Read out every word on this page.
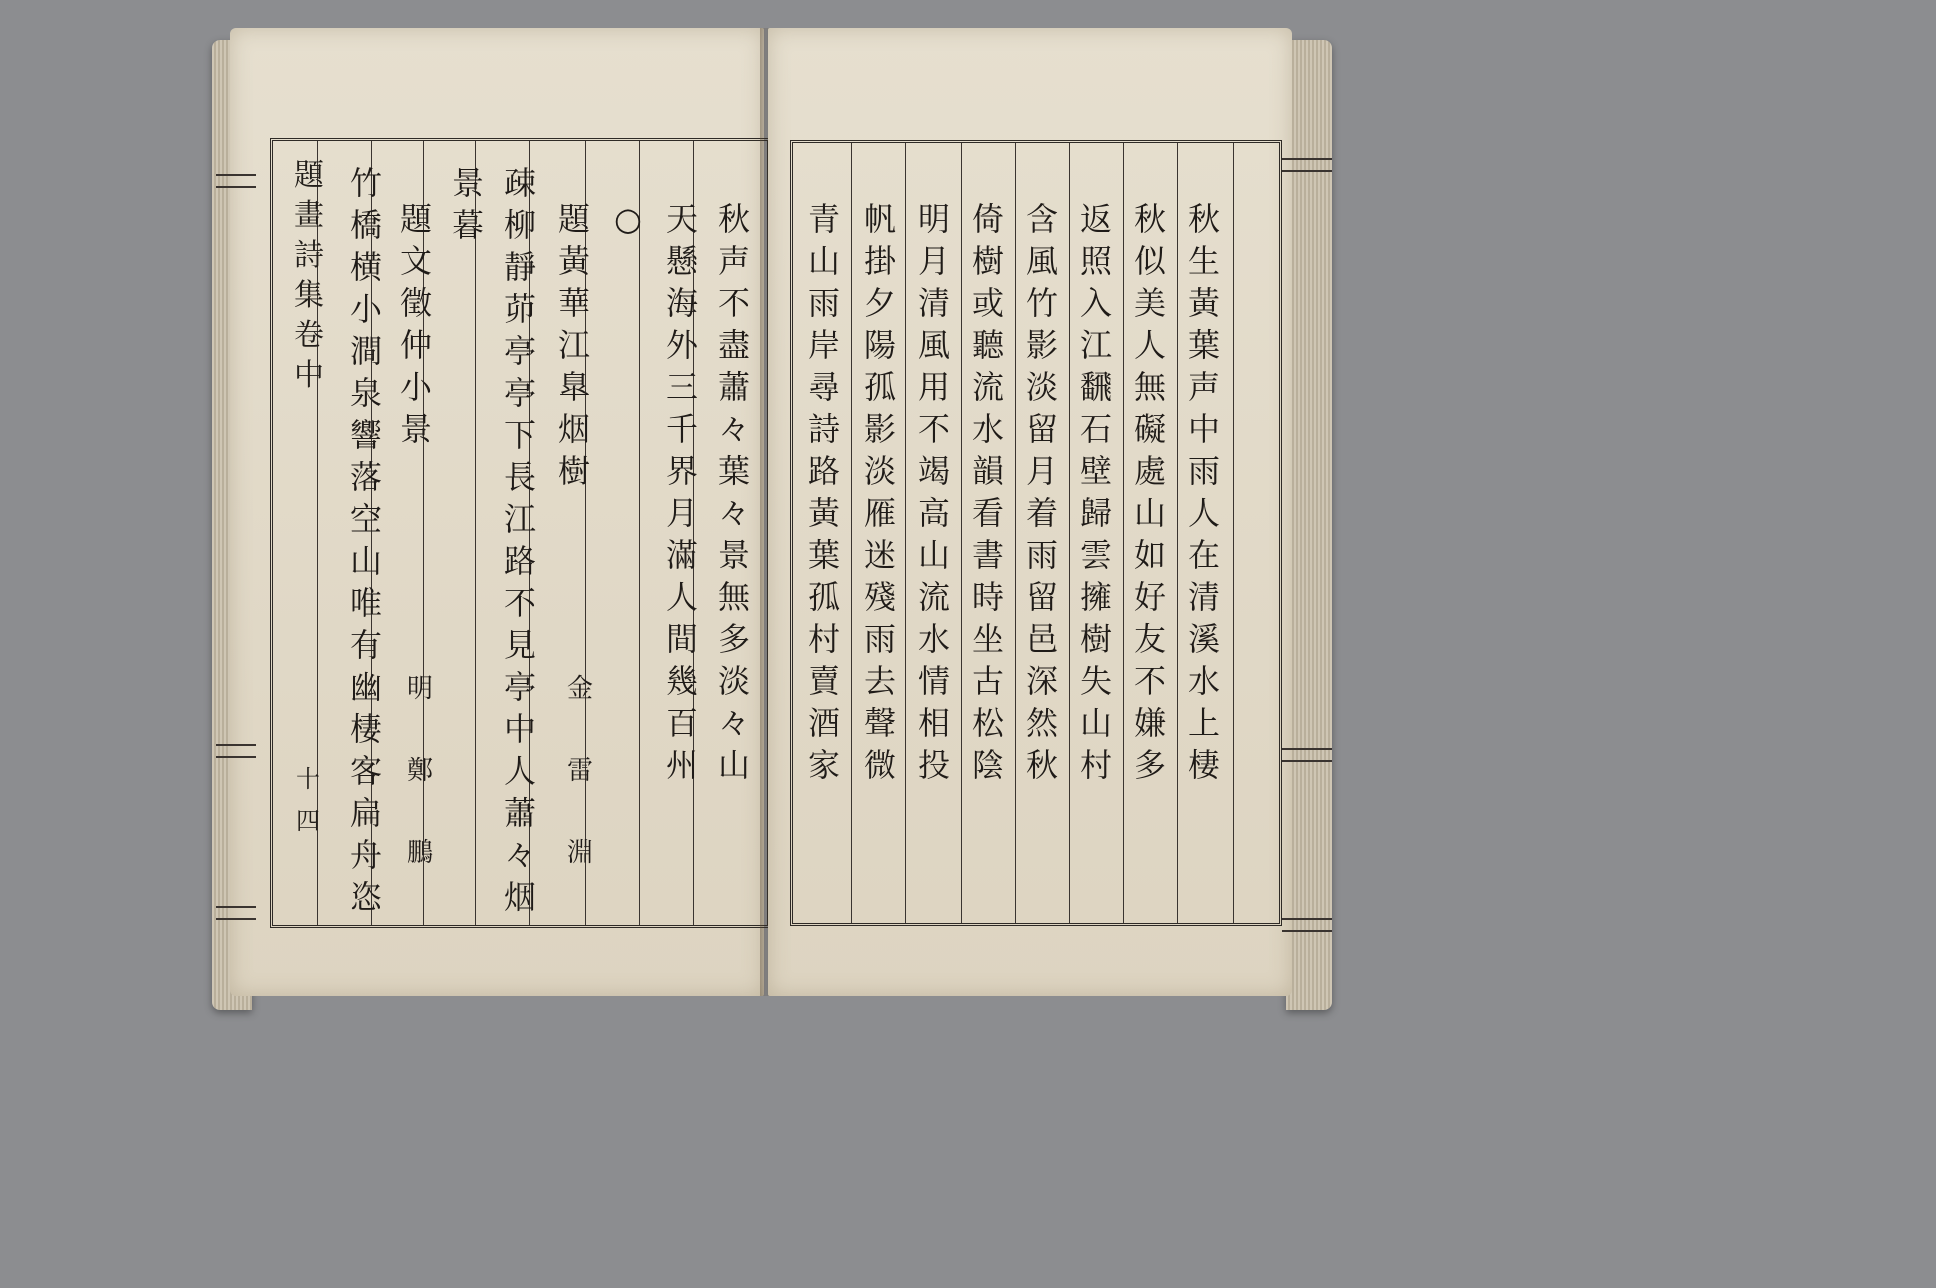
題
畫
詩
集
卷
中
十
四
秋
声
不
盡
蕭
々
葉
々
景
無
多
淡
々
山
天
懸
海
外
三
千
界
月
滿
人
間
幾
百
州
○
題
黃
華
江
臯
烟
樹
疎
柳
靜
茆
亭
亭
下
長
江
路
不
見
亭
中
人
蕭
々
烟
景
暮
題
文
徵
仲
小
景
竹
橋
横
小
澗
泉
響
落
空
山
唯
有
幽
棲
客
扁
舟
恣
金
雷
淵
明
鄭
鵬
秋
生
黃
葉
声
中
雨
人
在
清
溪
水
上
棲
秋
似
美
人
無
礙
處
山
如
好
友
不
嫌
多
返
照
入
江
飜
石
壁
歸
雲
擁
樹
失
山
村
含
風
竹
影
淡
留
月
着
雨
留
邑
深
然
秋
倚
樹
或
聽
流
水
韻
看
書
時
坐
古
松
陰
明
月
清
風
用
不
竭
高
山
流
水
情
相
投
帆
掛
夕
陽
孤
影
淡
雁
迷
殘
雨
去
聲
微
青
山
雨
岸
尋
詩
路
黃
葉
孤
村
賣
酒
家
